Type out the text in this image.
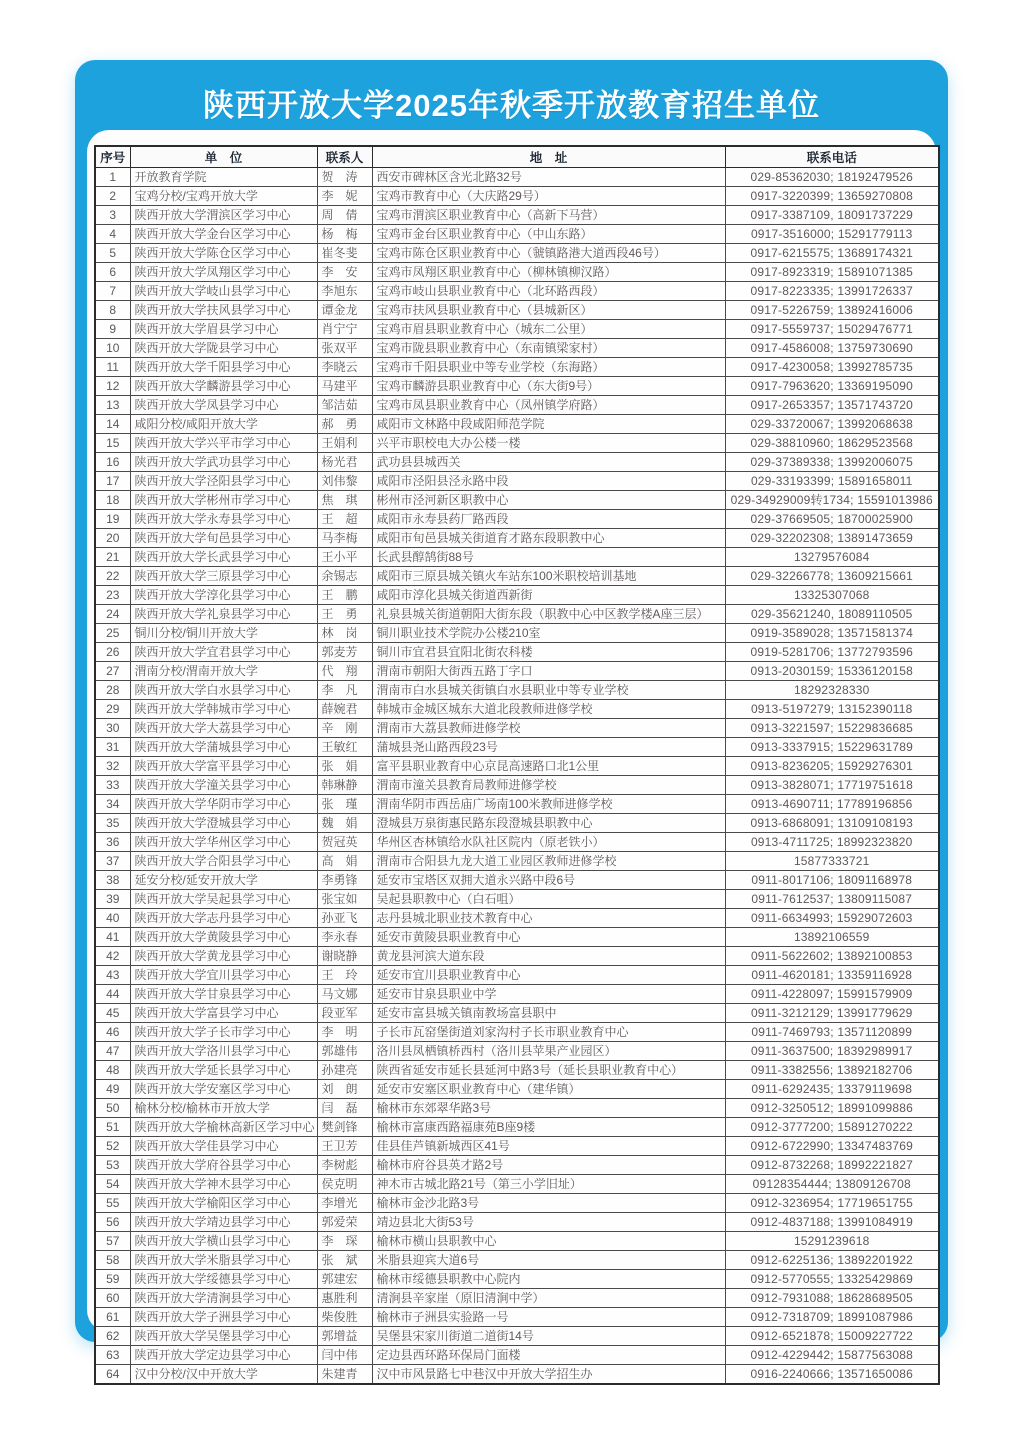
陕西开放大学2025年秋季开放教育招生单位
序号	单　位	联系人	地　址	联系电话
1	开放教育学院	贺　涛	西安市碑林区含光北路32号	029-85362030; 18192479526
2	宝鸡分校/宝鸡开放大学	李　妮	宝鸡市教育中心（大庆路29号）	0917-3220399; 13659270808
3	陕西开放大学渭滨区学习中心	周　倩	宝鸡市渭滨区职业教育中心（高新下马营）	0917-3387109, 18091737229
4	陕西开放大学金台区学习中心	杨　梅	宝鸡市金台区职业教育中心（中山东路）	0917-3516000; 15291779113
5	陕西开放大学陈仓区学习中心	崔冬斐	宝鸡市陈仓区职业教育中心（虢镇路港大道西段46号）	0917-6215575; 13689174321
6	陕西开放大学凤翔区学习中心	李　安	宝鸡市凤翔区职业教育中心（柳林镇柳汉路）	0917-8923319; 15891071385
7	陕西开放大学岐山县学习中心	李旭东	宝鸡市岐山县职业教育中心（北环路西段）	0917-8223335; 13991726337
8	陕西开放大学扶风县学习中心	谭金龙	宝鸡市扶风县职业教育中心（县城新区）	0917-5226759; 13892416006
9	陕西开放大学眉县学习中心	肖宁宁	宝鸡市眉县职业教育中心（城东二公里）	0917-5559737; 15029476771
10	陕西开放大学陇县学习中心	张双平	宝鸡市陇县职业教育中心（东南镇梁家村）	0917-4586008; 13759730690
11	陕西开放大学千阳县学习中心	李晓云	宝鸡市千阳县职业中等专业学校（东海路）	0917-4230058; 13992785735
12	陕西开放大学麟游县学习中心	马建平	宝鸡市麟游县职业教育中心（东大街9号）	0917-7963620; 13369195090
13	陕西开放大学凤县学习中心	邹洁茹	宝鸡市凤县职业教育中心（凤州镇学府路）	0917-2653357; 13571743720
14	咸阳分校/咸阳开放大学	郝　勇	咸阳市文林路中段咸阳师范学院	029-33720067; 13992068638
15	陕西开放大学兴平市学习中心	王娟利	兴平市职校电大办公楼一楼	029-38810960; 18629523568
16	陕西开放大学武功县学习中心	杨光君	武功县县城西关	029-37389338; 13992006075
17	陕西开放大学泾阳县学习中心	刘伟黎	咸阳市泾阳县泾永路中段	029-33193399; 15891658011
18	陕西开放大学彬州市学习中心	焦　琪	彬州市泾河新区职教中心	029-34929009转1734; 15591013986
19	陕西开放大学永寿县学习中心	王　超	咸阳市永寿县药厂路西段	029-37669505; 18700025900
20	陕西开放大学旬邑县学习中心	马李梅	咸阳市旬邑县城关街道育才路东段职教中心	029-32202308; 13891473659
21	陕西开放大学长武县学习中心	王小平	长武县醇鹄街88号	13279576084
22	陕西开放大学三原县学习中心	余锡志	咸阳市三原县城关镇火车站东100米职校培训基地	029-32266778; 13609215661
23	陕西开放大学淳化县学习中心	王　鹏	咸阳市淳化县城关街道西新街	13325307068
24	陕西开放大学礼泉县学习中心	王　勇	礼泉县城关街道朝阳大街东段（职教中心中区教学楼A座三层）	029-35621240, 18089110505
25	铜川分校/铜川开放大学	林　岗	铜川职业技术学院办公楼210室	0919-3589028; 13571581374
26	陕西开放大学宜君县学习中心	郭麦芳	铜川市宜君县宜阳北街农科楼	0919-5281706; 13772793596
27	渭南分校/渭南开放大学	代　翔	渭南市朝阳大街西五路丁字口	0913-2030159; 15336120158
28	陕西开放大学白水县学习中心	李　凡	渭南市白水县城关街镇白水县职业中等专业学校	18292328330
29	陕西开放大学韩城市学习中心	薛婉君	韩城市金城区城东大道北段教师进修学校	0913-5197279; 13152390118
30	陕西开放大学大荔县学习中心	辛　刚	渭南市大荔县教师进修学校	0913-3221597; 15229836685
31	陕西开放大学蒲城县学习中心	王敏红	蒲城县尧山路西段23号	0913-3337915; 15229631789
32	陕西开放大学富平县学习中心	张　娟	富平县职业教育中心京昆高速路口北1公里	0913-8236205; 15929276301
33	陕西开放大学潼关县学习中心	韩琳静	渭南市潼关县教育局教师进修学校	0913-3828071; 17719751618
34	陕西开放大学华阴市学习中心	张　瑾	渭南华阴市西岳庙广场南100米教师进修学校	0913-4690711; 17789196856
35	陕西开放大学澄城县学习中心	魏　娟	澄城县万泉街惠民路东段澄城县职教中心	0913-6868091; 13109108193
36	陕西开放大学华州区学习中心	贺冠英	华州区杏林镇给水队社区院内（原老铁小）	0913-4711725; 18992323820
37	陕西开放大学合阳县学习中心	高　娟	渭南市合阳县九龙大道工业园区教师进修学校	15877333721
38	延安分校/延安开放大学	李勇锋	延安市宝塔区双拥大道永兴路中段6号	0911-8017106; 18091168978
39	陕西开放大学吴起县学习中心	张宝如	吴起县职教中心（白石咀）	0911-7612537; 13809115087
40	陕西开放大学志丹县学习中心	孙亚飞	志丹县城北职业技术教育中心	0911-6634993; 15929072603
41	陕西开放大学黄陵县学习中心	李永春	延安市黄陵县职业教育中心	13892106559
42	陕西开放大学黄龙县学习中心	谢晓静	黄龙县河滨大道东段	0911-5622602; 13892100853
43	陕西开放大学宜川县学习中心	王　玲	延安市宜川县职业教育中心	0911-4620181; 13359116928
44	陕西开放大学甘泉县学习中心	马文娜	延安市甘泉县职业中学	0911-4228097; 15991579909
45	陕西开放大学富县学习中心	段亚军	延安市富县城关镇南教场富县职中	0911-3212129; 13991779629
46	陕西开放大学子长市学习中心	李　明	子长市瓦窑堡街道刘家沟村子长市职业教育中心	0911-7469793; 13571120899
47	陕西开放大学洛川县学习中心	郭雄伟	洛川县凤栖镇桥西村（洛川县苹果产业园区）	0911-3637500; 18392989917
48	陕西开放大学延长县学习中心	孙建亮	陕西省延安市延长县延河中路3号（延长县职业教育中心）	0911-3382556; 13892182706
49	陕西开放大学安塞区学习中心	刘　朗	延安市安塞区职业教育中心（建华镇）	0911-6292435; 13379119698
50	榆林分校/榆林市开放大学	闫　磊	榆林市东郊翠华路3号	0912-3250512; 18991099886
51	陕西开放大学榆林高新区学习中心	樊剑锋	榆林市富康西路福康苑B座9楼	0912-3777200; 15891270222
52	陕西开放大学佳县学习中心	王卫芳	佳县佳芦镇新城西区41号	0912-6722990; 13347483769
53	陕西开放大学府谷县学习中心	李树彪	榆林市府谷县英才路2号	0912-8732268; 18992221827
54	陕西开放大学神木县学习中心	侯克明	神木市古城北路21号（第三小学旧址）	09128354444; 13809126708
55	陕西开放大学榆阳区学习中心	李增光	榆林市金沙北路3号	0912-3236954; 17719651755
56	陕西开放大学靖边县学习中心	郭爱荣	靖边县北大街53号	0912-4837188; 13991084919
57	陕西开放大学横山县学习中心	李　琛	榆林市横山县职教中心	15291239618
58	陕西开放大学米脂县学习中心	张　斌	米脂县迎宾大道6号	0912-6225136; 13892201922
59	陕西开放大学绥德县学习中心	郭建宏	榆林市绥德县职教中心院内	0912-5770555; 13325429869
60	陕西开放大学清涧县学习中心	惠胜利	清涧县辛家崖（原旧清涧中学）	0912-7931088; 18628689505
61	陕西开放大学子洲县学习中心	柴俊胜	榆林市子洲县实验路一号	0912-7318709; 18991087986
62	陕西开放大学吴堡县学习中心	郭增益	吴堡县宋家川街道二道街14号	0912-6521878; 15009227722
63	陕西开放大学定边县学习中心	闫中伟	定边县西环路环保局门面楼	0912-4229442; 15877563088
64	汉中分校/汉中开放大学	朱建青	汉中市风景路七中巷汉中开放大学招生办	0916-2240666; 13571650086
